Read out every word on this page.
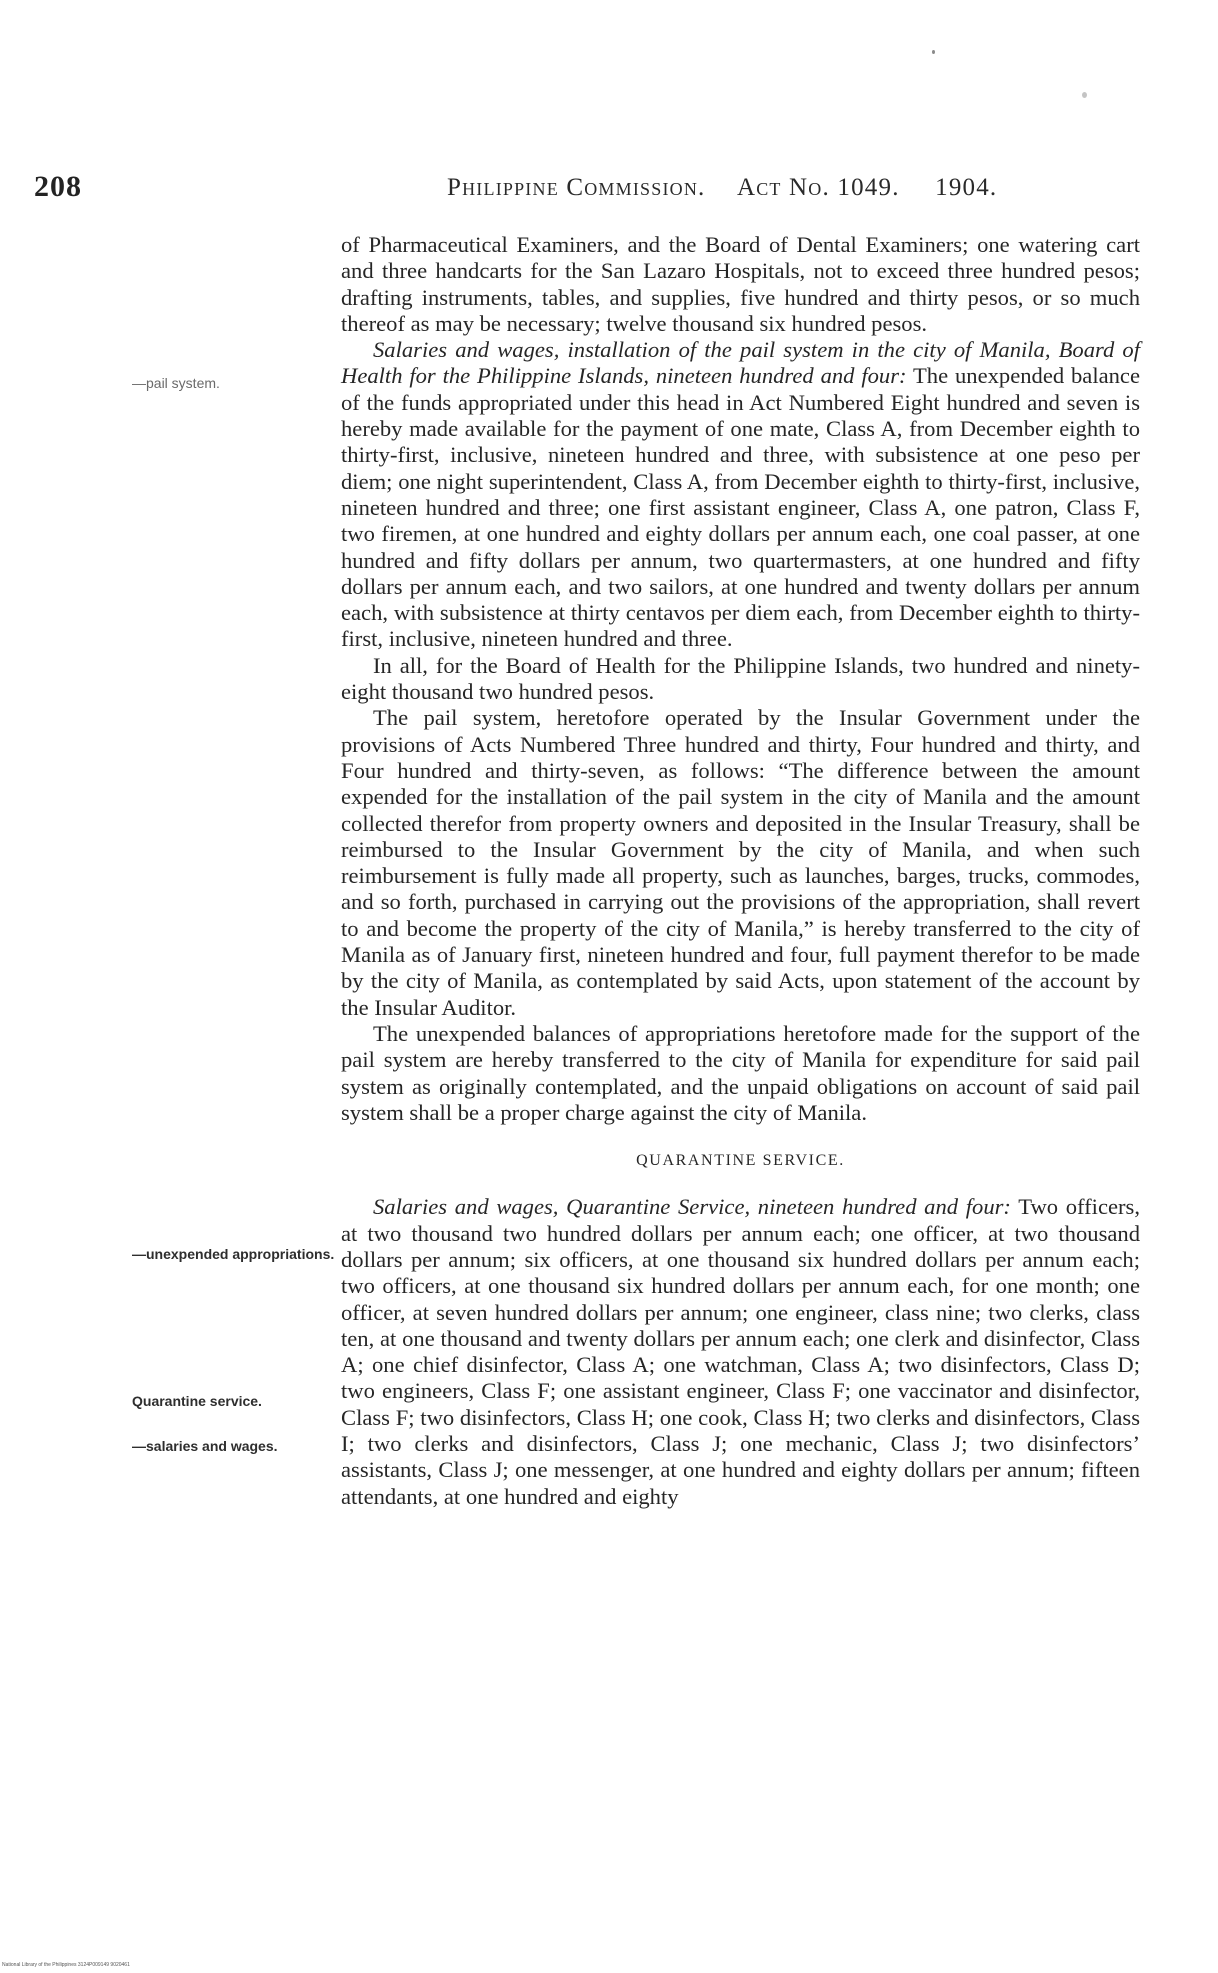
208	Philippine Commission. Act No. 1049. 1904.
—pail system.
—unexpended appropriations.
Quarantine service.
—salaries and wages.

of Pharmaceutical Examiners, and the Board of Dental Examiners; one watering cart and three handcarts for the San Lazaro Hospitals, not to exceed three hundred pesos; drafting instruments, tables, and supplies, five hundred and thirty pesos, or so much thereof as may be necessary; twelve thousand six hundred pesos.

Salaries and wages, installation of the pail system in the city of Manila, Board of Health for the Philippine Islands, nineteen hundred and four: The unexpended balance of the funds appropriated under this head in Act Numbered Eight hundred and seven is hereby made available for the payment of one mate, Class A, from December eighth to thirty-first, inclusive, nineteen hundred and three, with subsistence at one peso per diem; one night superintendent, Class A, from December eighth to thirty-first, inclusive, nineteen hundred and three; one first assistant engineer, Class A, one patron, Class F, two firemen, at one hundred and eighty dollars per annum each, one coal passer, at one hundred and fifty dollars per annum, two quartermasters, at one hundred and fifty dollars per annum each, and two sailors, at one hundred and twenty dollars per annum each, with subsistence at thirty centavos per diem each, from December eighth to thirty-first, inclusive, nineteen hundred and three.

In all, for the Board of Health for the Philippine Islands, two hundred and ninety-eight thousand two hundred pesos.

The pail system, heretofore operated by the Insular Government under the provisions of Acts Numbered Three hundred and thirty, Four hundred and thirty, and Four hundred and thirty-seven, as follows: “The difference between the amount expended for the installation of the pail system in the city of Manila and the amount collected therefor from property owners and deposited in the Insular Treasury, shall be reimbursed to the Insular Government by the city of Manila, and when such reimbursement is fully made all property, such as launches, barges, trucks, commodes, and so forth, purchased in carrying out the provisions of the appropriation, shall revert to and become the property of the city of Manila,” is hereby transferred to the city of Manila as of January first, nineteen hundred and four, full payment therefor to be made by the city of Manila, as contemplated by said Acts, upon statement of the account by the Insular Auditor.

The unexpended balances of appropriations heretofore made for the support of the pail system are hereby transferred to the city of Manila for expenditure for said pail system as originally contemplated, and the unpaid obligations on account of said pail system shall be a proper charge against the city of Manila.

QUARANTINE SERVICE.

Salaries and wages, Quarantine Service, nineteen hundred and four: Two officers, at two thousand two hundred dollars per annum each; one officer, at two thousand dollars per annum; six officers, at one thousand six hundred dollars per annum each; two officers, at one thousand six hundred dollars per annum each, for one month; one officer, at seven hundred dollars per annum; one engineer, class nine; two clerks, class ten, at one thousand and twenty dollars per annum each; one clerk and disinfector, Class A; one chief disinfector, Class A; one watchman, Class A; two disinfectors, Class D; two engineers, Class F; one assistant engineer, Class F; one vaccinator and disinfector, Class F; two disinfectors, Class H; one cook, Class H; two clerks and disinfectors, Class I; two clerks and disinfectors, Class J; one mechanic, Class J; two disinfectors’ assistants, Class J; one messenger, at one hundred and eighty dollars per annum; fifteen attendants, at one hundred and eighty

National Library of the Philippines 3124P009149 9020461
